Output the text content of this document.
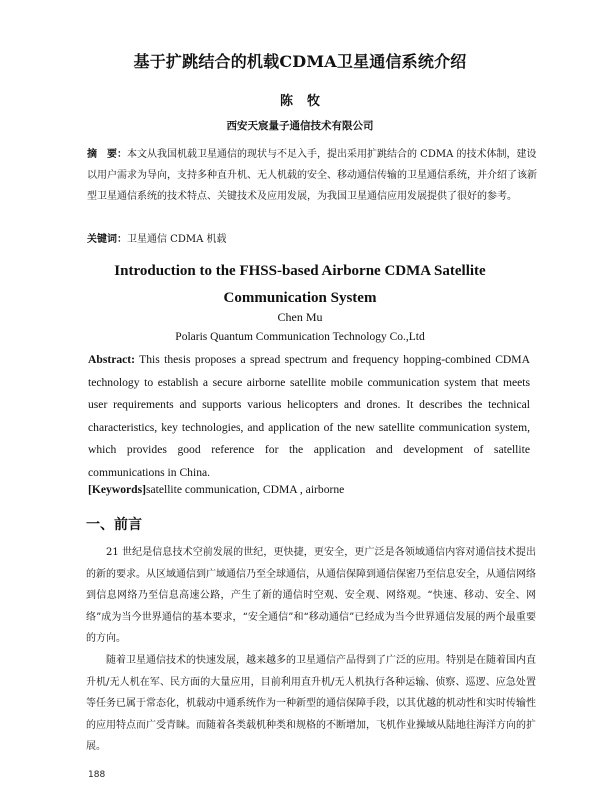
基于扩跳结合的机载CDMA卫星通信系统介绍
陈牧
西安天宸量子通信技术有限公司
摘　要：本文从我国机载卫星通信的现状与不足入手，提出采用扩跳结合的 CDMA 的技术体制，建设以用户需求为导向，支持多种直升机、无人机载的安全、移动通信传输的卫星通信系统，并介绍了该新型卫星通信系统的技术特点、关键技术及应用发展，为我国卫星通信应用发展提供了很好的参考。
关键词：卫星通信 CDMA 机载
Introduction to the FHSS-based Airborne CDMA Satellite
Communication System
Chen Mu
Polaris Quantum Communication Technology Co.,Ltd
Abstract: This thesis proposes a spread spectrum and frequency hopping-combined CDMA technology to establish a secure airborne satellite mobile communication system that meets user requirements and supports various helicopters and drones. It describes the technical characteristics, key technologies, and application of the new satellite communication system, which provides good reference for the application and development of satellite communications in China.
[Keywords]satellite communication, CDMA , airborne
一、前言

21 世纪是信息技术空前发展的世纪，更快捷，更安全，更广泛是各领域通信内容对通信技术提出的新的要求。从区域通信到广域通信乃至全球通信，从通信保障到通信保密乃至信息安全，从通信网络到信息网络乃至信息高速公路，产生了新的通信时空观、安全观、网络观。“快速、移动、安全、网络”成为当今世界通信的基本要求，“安全通信”和“移动通信”已经成为当今世界通信发展的两个最重要的方向。

随着卫星通信技术的快速发展，越来越多的卫星通信产品得到了广泛的应用。特别是在随着国内直升机/无人机在军、民方面的大量应用，目前利用直升机/无人机执行各种运输、侦察、巡逻、应急处置等任务已属于常态化，机载动中通系统作为一种新型的通信保障手段，以其优越的机动性和实时传输性的应用特点而广受青睐。而随着各类载机种类和规格的不断增加，飞机作业操域从陆地往海洋方向的扩展。

188
